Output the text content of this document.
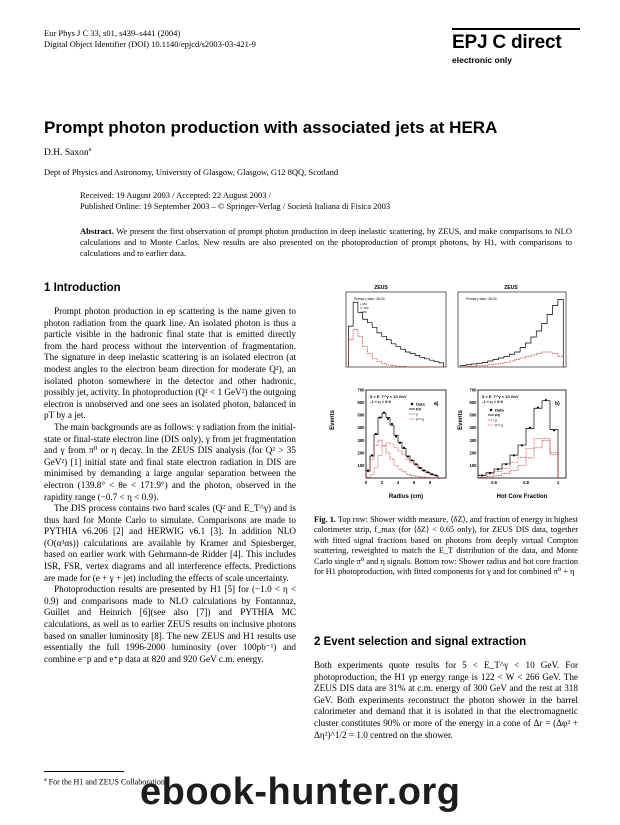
Eur Phys J C 33, s01, s439–s441 (2004)
Digital Object Identifier (DOI) 10.1140/epjcd/s2003-03-421-9	EPJ C direct
electronic only
Prompt photon production with associated jets at HERA
D.H. Saxon$^a$
Dept of Physics and Astronomy, University of Glasgow, Glasgow, G12 8QQ, Scotland
Received: 19 August 2003 / Accepted: 22 August 2003 /
Published Online: 19 September 2003 – © Springer-Verlag / Società Italiana di Fisica 2003
Abstract. We present the first observation of prompt photon production in deep inelastic scattering, by ZEUS, and make comparisons to NLO calculations and to Monte Carlos. New results are also presented on the photoproduction of prompt photons, by H1, with comparisons to calculations and to earlier data.
1 Introduction

Prompt photon production in ep scattering is the name given to photon radiation from the quark line. An isolated photon is thus a particle visible in the hadronic final state that is emitted directly from the hard process without the intervention of fragmentation. The signature in deep inelastic scattering is an isolated electron (at modest angles to the electron beam direction for moderate Q²), an isolated photon somewhere in the detector and other hadronic, possibly jet, activity. In photoproduction (Q² < 1 GeV²) the outgoing electron is unobserved and one sees an isolated photon, balanced in pT by a jet.

The main backgrounds are as follows: γ radiation from the initial-state or final-state electron line (DIS only), γ from jet fragmentation and γ from π⁰ or η decay. In the ZEUS DIS analysis (for Q² > 35 GeV²) [1] initial state and final state electron radiation in DIS are minimised by demanding a large angular separation between the electron (139.8° < θe < 171.9°) and the photon, observed in the rapidity range (−0.7 < η < 0.9).

The DIS process contains two hard scales (Q² and E_T^γ) and is thus hard for Monte Carlo to simulate. Comparisons are made to PYTHIA v6.206 [2] and HERWIG v6.1 [3]. In addition NLO (O(α³αs)) calculations are available by Kramer and Spiesberger, based on earlier work with Gehrmann-de Ridder [4]. This includes ISR, FSR, vertex diagrams and all interference effects. Predictions are made for (e + γ + jet) including the effects of scale uncertainty.

Photoproduction results are presented by H1 [5] for (−1.0 < η < 0.9) and comparisons made to NLO calculations by Fontannaz, Guillet and Heinrich [6](see also [7]) and PYTHIA MC calculations, as well as to earlier ZEUS results on inclusive photons based on smaller luminosity [8]. The new ZEUS and H1 results use essentially the full 1996-2000 luminosity (over 100pb⁻¹) and combine e⁻p and e⁺p data at 820 and 920 GeV c.m. energy.

$^a$ For the H1 and ZEUS Collaborations
ZEUS
Prompt γ data : 96-00
γ MC
π⁰ MC
η MC
ZEUS
Prompt γ data : 96-00
Events
100
200
300
400
500
600
700
0	2	4	6	8
Radius (cm)
5 < E_T^γ < 10 GeV
-1 < η < 0.9	a)
Data
Fit
γ
π⁰+η	Events
100
200
300
400
500
600
700
0.6	0.8	1
Hot Core Fraction
5 < E_T^γ < 10 GeV
-1 < η < 0.9	b)
Data
Fit
γ
π⁰+η
Fig. 1. Top row: Shower width measure, ⟨δZ⟩, and fraction of energy in highest calorimeter strip, f_max (for ⟨δZ⟩ < 0.65 only), for ZEUS DIS data, together with fitted signal fractions based on photons from deeply virtual Compton scattering, reweighted to match the E_T distribution of the data, and Monte Carlo single π⁰ and η signals. Bottom row: Shower radius and hot core fraction for H1 photoproduction, with fitted components for γ and for combined π⁰ + η
2 Event selection and signal extraction

Both experiments quote results for 5 < E_T^γ < 10 GeV. For photoproduction, the H1 γp energy range is 122 < W < 266 GeV. The ZEUS DIS data are 31% at c.m. energy of 300 GeV and the rest at 318 GeV. Both experiments reconstruct the photon shower in the barrel calorimeter and demand that it is isolated in that the electromagnetic cluster constitutes 90% or more of the energy in a cone of Δr = (Δφ² + Δη²)^1/2 = 1.0 centred on the shower.

ebook-hunter.org
